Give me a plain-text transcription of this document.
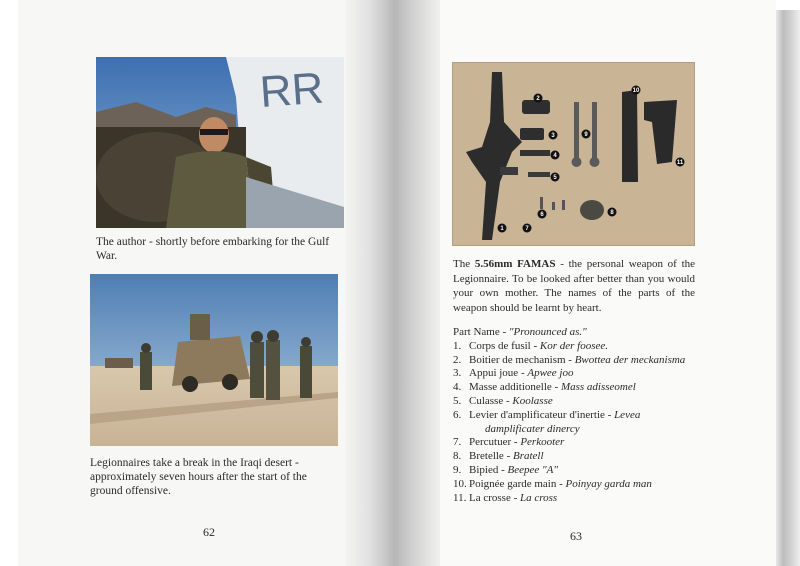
RR
The author - shortly before embarking for the Gulf War.
Legionnaires take a break in the Iraqi desert - approximately seven hours after the start of the ground offensive.
62
1
2
3
4
5
6
7
8
9
10
11
The 5.56mm FAMAS - the personal weapon of the Legionnaire. To be looked after better than you would your own mother. The names of the parts of the weapon should be learnt by heart.
Part Name - "Pronounced as."
1. Corps de fusil - Kor der foosee.
2. Boitier de mechanism - Bwottea der meckanisma
3. Appui joue - Apwee joo
4. Masse additionelle - Mass adisseomel
5. Culasse - Koolasse
6. Levier d'amplificateur d'inertie - Levea
damplificater dinercy
7. Percutuer - Perkooter
8. Bretelle - Bratell
9. Bipied - Beepee "A"
10. Poignée garde main - Poinyay garda man
11. La crosse - La cross
63
